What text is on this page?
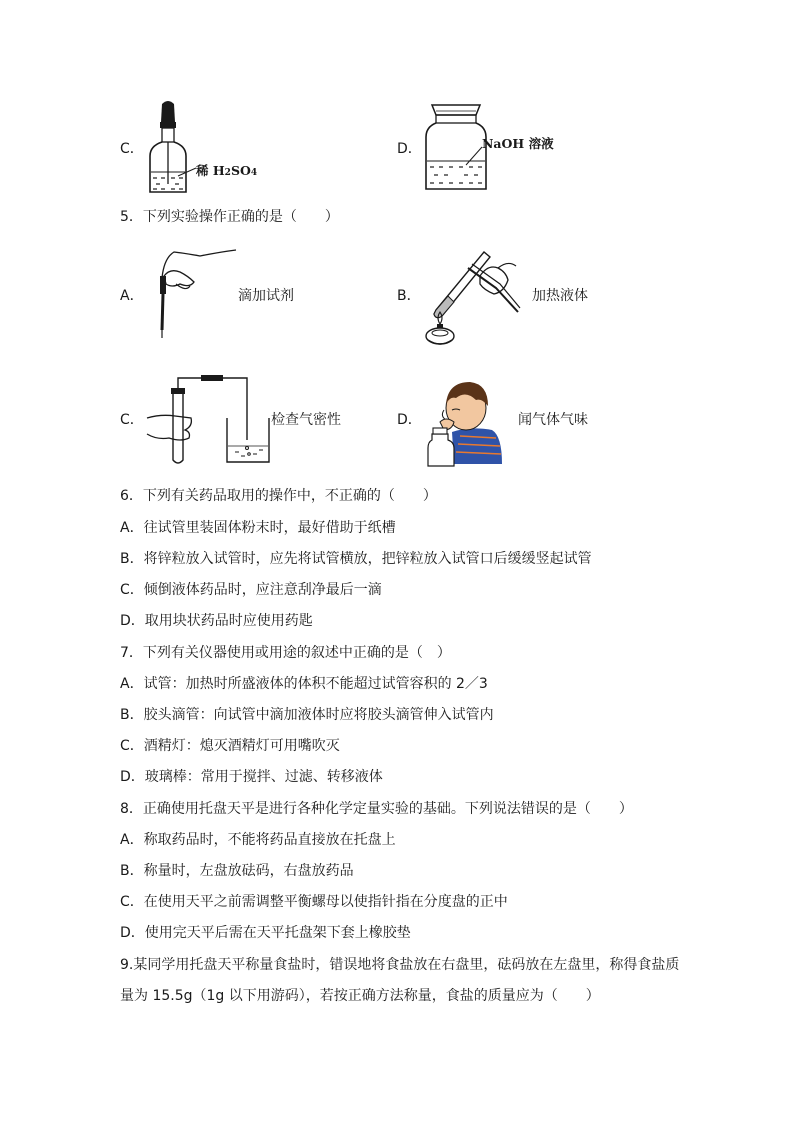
C．
稀 H2SO4
D．	NaOH 溶液
5．下列实验操作正确的是（　　）
A．	滴加试剂	B．	加热液体
C．	检查气密性	D．	闻气体气味
6．下列有关药品取用的操作中，不正确的（　　）
A．往试管里装固体粉末时，最好借助于纸槽
B．将锌粒放入试管时，应先将试管横放，把锌粒放入试管口后缓缓竖起试管
C．倾倒液体药品时，应注意刮净最后一滴
D．取用块状药品时应使用药匙
7．下列有关仪器使用或用途的叙述中正确的是（　）
A．试管：加热时所盛液体的体积不能超过试管容积的 2／3
B．胶头滴管：向试管中滴加液体时应将胶头滴管伸入试管内
C．酒精灯：熄灭酒精灯可用嘴吹灭
D．玻璃棒：常用于搅拌、过滤、转移液体
8．正确使用托盘天平是进行各种化学定量实验的基础。下列说法错误的是（　　）
A．称取药品时，不能将药品直接放在托盘上
B．称量时，左盘放砝码，右盘放药品
C．在使用天平之前需调整平衡螺母以使指针指在分度盘的正中
D．使用完天平后需在天平托盘架下套上橡胶垫
9.某同学用托盘天平称量食盐时，错误地将食盐放在右盘里，砝码放在左盘里，称得食盐质
量为 15.5g（1g 以下用游码），若按正确方法称量，食盐的质量应为（　　）
